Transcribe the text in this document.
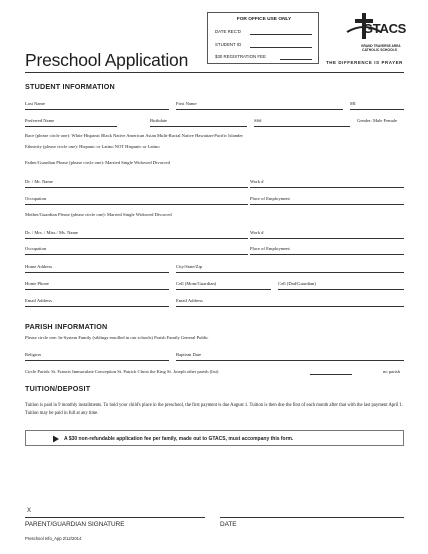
Preschool Application
FOR OFFICE USE ONLY
DATE REC'D
STUDENT ID
$30 REGISTRATION FEE
GTACS
GRAND TRAVERSE AREA
CATHOLIC SCHOOLS
THE DIFFERENCE IS PRAYER
STUDENT INFORMATION
Last Name	First Name	MI
Preferred Name	Birthdate	SS#	Gender: Male Female
Race (please circle one): White Hispanic Black Native American Asian Multi-Racial Native Hawaiian-Pacific Islander
Ethnicity (please circle one): Hispanic or Latino NOT Hispanic or Latino
Father/Guardian Please (please circle one): Married Single Widowed Divorced
Dr. / Mr. Name	Work #
Occupation	Place of Employment
Mother/Guardian Please (please circle one): Married Single Widowed Divorced
Dr. / Mrs. / Miss / Ms. Name	Work #
Occupation	Place of Employment
Home Address	City/State/Zip
Home Phone	Cell (Mom/Guardian)	Cell (Dad/Guardian)
Email Address	Email Address
PARISH INFORMATION
Please circle one: In-System Family (siblings enrolled in our schools) Parish Family General Public
Religion	Baptism Date
Circle Parish: St. Francis Immaculate Conception St. Patrick Christ the King St. Joseph other parish (list)	no parish
TUITION/DEPOSIT
Tuition is paid in 9 monthly installments. To hold your child's place in the preschool, the first payment is due August 1. Tuition is then due the first of each month after that with the last payment April 1. Tuition may be paid in full at any time.
A $30 non-refundable application fee per family, made out to GTACS, must accompany this form.
X
PARENT/GUARDIAN SIGNATURE	DATE
Preschool Info_App 2/12/2014
